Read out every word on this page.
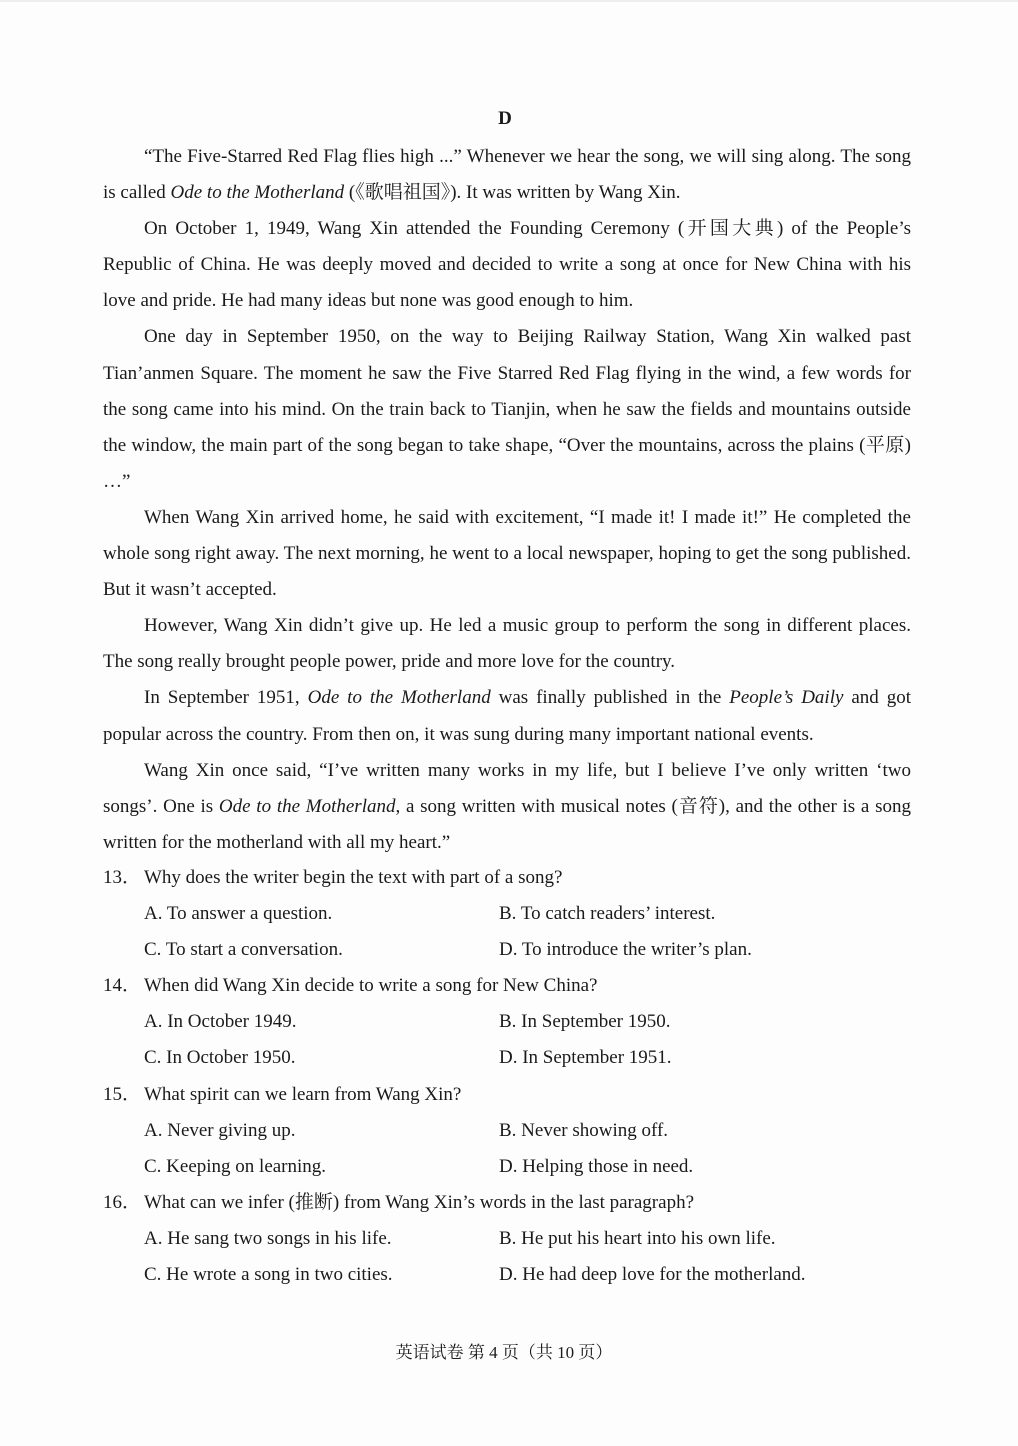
D

“The Five-Starred Red Flag flies high ...” Whenever we hear the song, we will sing along. The song is called Ode to the Motherland (《歌唱祖国》). It was written by Wang Xin.

On October 1, 1949, Wang Xin attended the Founding Ceremony (开国大典) of the People’s Republic of China. He was deeply moved and decided to write a song at once for New China with his love and pride. He had many ideas but none was good enough to him.

One day in September 1950, on the way to Beijing Railway Station, Wang Xin walked past Tian’anmen Square. The moment he saw the Five Starred Red Flag flying in the wind, a few words for the song came into his mind. On the train back to Tianjin, when he saw the fields and mountains outside the window, the main part of the song began to take shape, “Over the mountains, across the plains (平原) …”

When Wang Xin arrived home, he said with excitement, “I made it! I made it!” He completed the whole song right away. The next morning, he went to a local newspaper, hoping to get the song published. But it wasn’t accepted.

However, Wang Xin didn’t give up. He led a music group to perform the song in different places. The song really brought people power, pride and more love for the country.

In September 1951, Ode to the Motherland was finally published in the People’s Daily and got popular across the country. From then on, it was sung during many important national events.

Wang Xin once said, “I’ve written many works in my life, but I believe I’ve only written ‘two songs’. One is Ode to the Motherland, a song written with musical notes (音符), and the other is a song written for the motherland with all my heart.”

13． Why does the writer begin the text with part of a song?
A. To answer a question.	B. To catch readers’ interest.
C. To start a conversation.	D. To introduce the writer’s plan.
14． When did Wang Xin decide to write a song for New China?
A. In October 1949.	B. In September 1950.
C. In October 1950.	D. In September 1951.
15． What spirit can we learn from Wang Xin?
A. Never giving up.	B. Never showing off.
C. Keeping on learning.	D. Helping those in need.
16． What can we infer (推断) from Wang Xin’s words in the last paragraph?
A. He sang two songs in his life.	B. He put his heart into his own life.
C. He wrote a song in two cities.	D. He had deep love for the motherland.
英语试卷 第 4 页（共 10 页）
